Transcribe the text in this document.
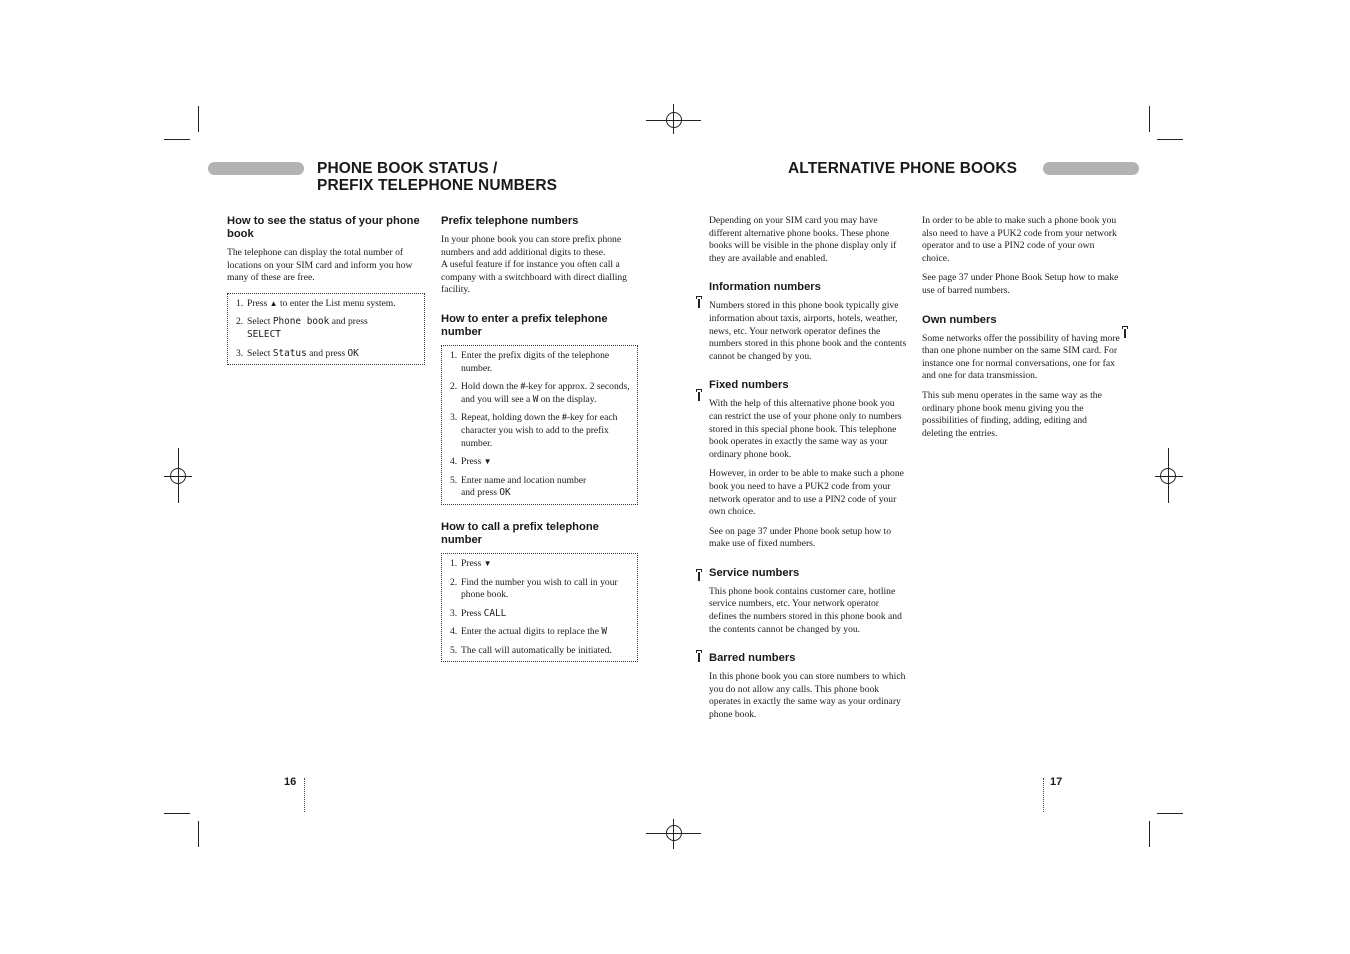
PHONE BOOK STATUS /
PREFIX TELEPHONE NUMBERS
ALTERNATIVE PHONE BOOKS
How to see the status of your phone book

The telephone can display the total number of locations on your SIM card and inform you how many of these are free.

1. Press ▲ to enter the List menu system.
2. Select Phone book and press
SELECT
3. Select Status and press OK
Prefix telephone numbers

In your phone book you can store prefix phone numbers and add additional digits to these.

A useful feature if for instance you often call a company with a switchboard with direct dialling facility.

How to enter a prefix telephone number
1. Enter the prefix digits of the telephone number.
2. Hold down the #-key for approx. 2 seconds, and you will see a W on the display.
3. Repeat, holding down the #-key for each character you wish to add to the prefix number.
4. Press ▼
5. Enter name and location number
and press OK
How to call a prefix telephone number
1. Press ▼
2. Find the number you wish to call in your phone book.
3. Press CALL
4. Enter the actual digits to replace the W
5. The call will automatically be initiated.

Depending on your SIM card you may have different alternative phone books. These phone books will be visible in the phone display only if they are available and enabled.

Information numbers

Numbers stored in this phone book typically give information about taxis, airports, hotels, weather, news, etc. Your network operator defines the numbers stored in this phone book and the contents cannot be changed by you.

Fixed numbers

With the help of this alternative phone book you can restrict the use of your phone only to numbers stored in this special phone book. This telephone book operates in exactly the same way as your ordinary phone book.

However, in order to be able to make such a phone book you need to have a PUK2 code from your network operator and to use a PIN2 code of your own choice.

See on page 37 under Phone book setup how to make use of fixed numbers.

Service numbers

This phone book contains customer care, hotline service numbers, etc. Your network operator defines the numbers stored in this phone book and the contents cannot be changed by you.

Barred numbers

In this phone book you can store numbers to which you do not allow any calls. This phone book operates in exactly the same way as your ordinary phone book.

In order to be able to make such a phone book you also need to have a PUK2 code from your network operator and to use a PIN2 code of your own choice.

See page 37 under Phone Book Setup how to make use of barred numbers.

Own numbers

Some networks offer the possibility of having more than one phone number on the same SIM card. For instance one for normal conversations, one for fax and one for data transmission.

This sub menu operates in the same way as the ordinary phone book menu giving you the possibilities of finding, adding, editing and deleting the entries.

16	17
